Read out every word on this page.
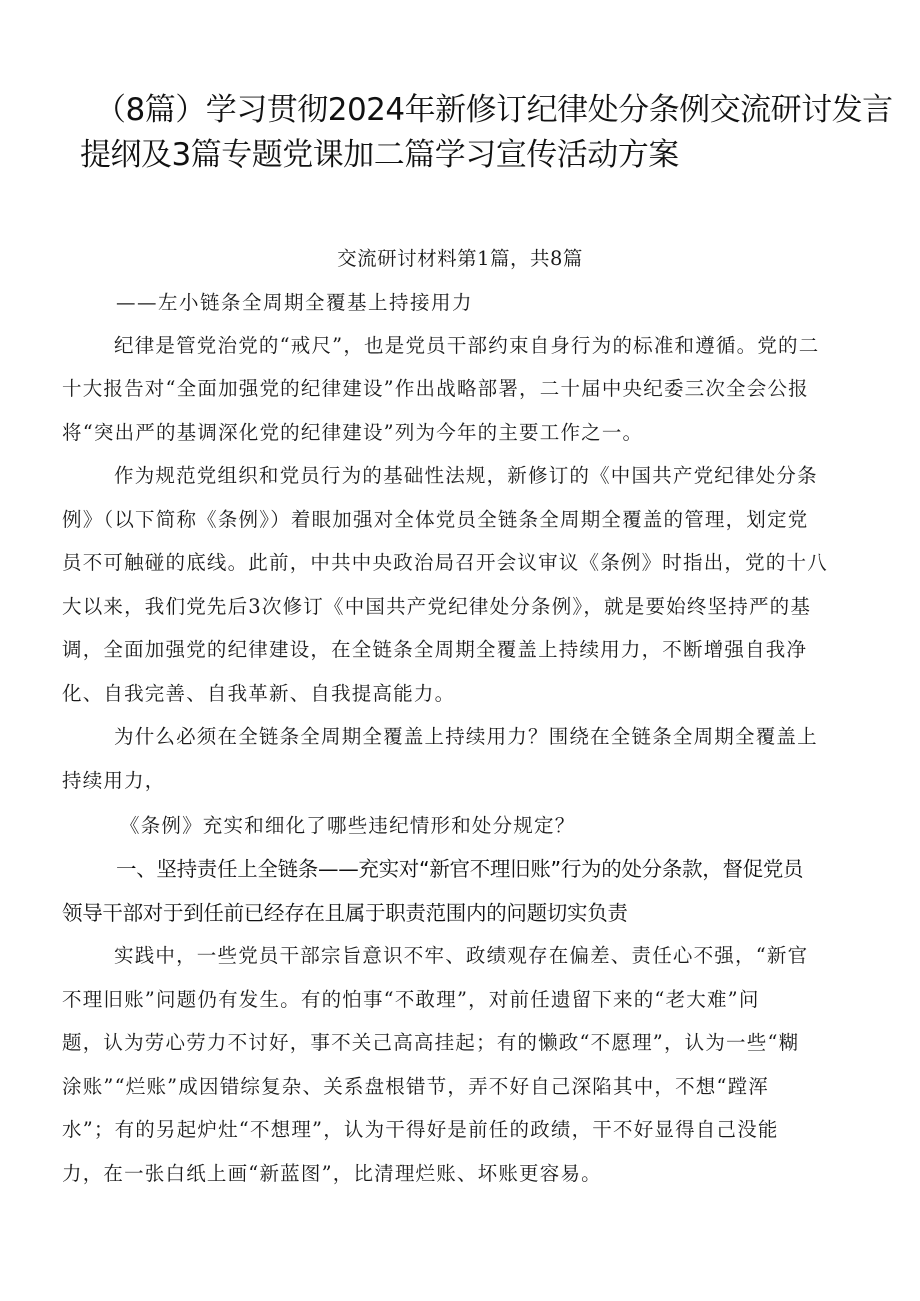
（8篇）学习贯彻2024年新修订纪律处分条例交流研讨发言
提纲及3篇专题党课加二篇学习宣传活动方案

交流研讨材料第1篇，共8篇

——左小链条全周期全覆基上持接用力

纪律是管党治党的“戒尺”，也是党员干部约束自身行为的标准和遵循。党的二

十大报告对“全面加强党的纪律建设”作出战略部署，二十届中央纪委三次全会公报

将“突出严的基调深化党的纪律建设”列为今年的主要工作之一。

作为规范党组织和党员行为的基础性法规，新修订的《中国共产党纪律处分条

例》（以下简称《条例》）着眼加强对全体党员全链条全周期全覆盖的管理，划定党

员不可触碰的底线。此前，中共中央政治局召开会议审议《条例》时指出，党的十八

大以来，我们党先后3次修订《中国共产党纪律处分条例》，就是要始终坚持严的基

调，全面加强党的纪律建设，在全链条全周期全覆盖上持续用力，不断增强自我净

化、自我完善、自我革新、自我提高能力。

为什么必须在全链条全周期全覆盖上持续用力？围绕在全链条全周期全覆盖上

持续用力，

《条例》充实和细化了哪些违纪情形和处分规定？

一、坚持责任上全链条——充实对“新官不理旧账”行为的处分条款，督促党员

领导干部对于到任前已经存在且属于职责范围内的问题切实负责

实践中，一些党员干部宗旨意识不牢、政绩观存在偏差、责任心不强，“新官

不理旧账”问题仍有发生。有的怕事“不敢理”，对前任遗留下来的“老大难”问

题，认为劳心劳力不讨好，事不关己高高挂起；有的懒政“不愿理”，认为一些“糊

涂账”“烂账”成因错综复杂、关系盘根错节，弄不好自己深陷其中，不想“蹚浑

水”；有的另起炉灶“不想理”，认为干得好是前任的政绩，干不好显得自己没能

力，在一张白纸上画“新蓝图”，比清理烂账、坏账更容易。
